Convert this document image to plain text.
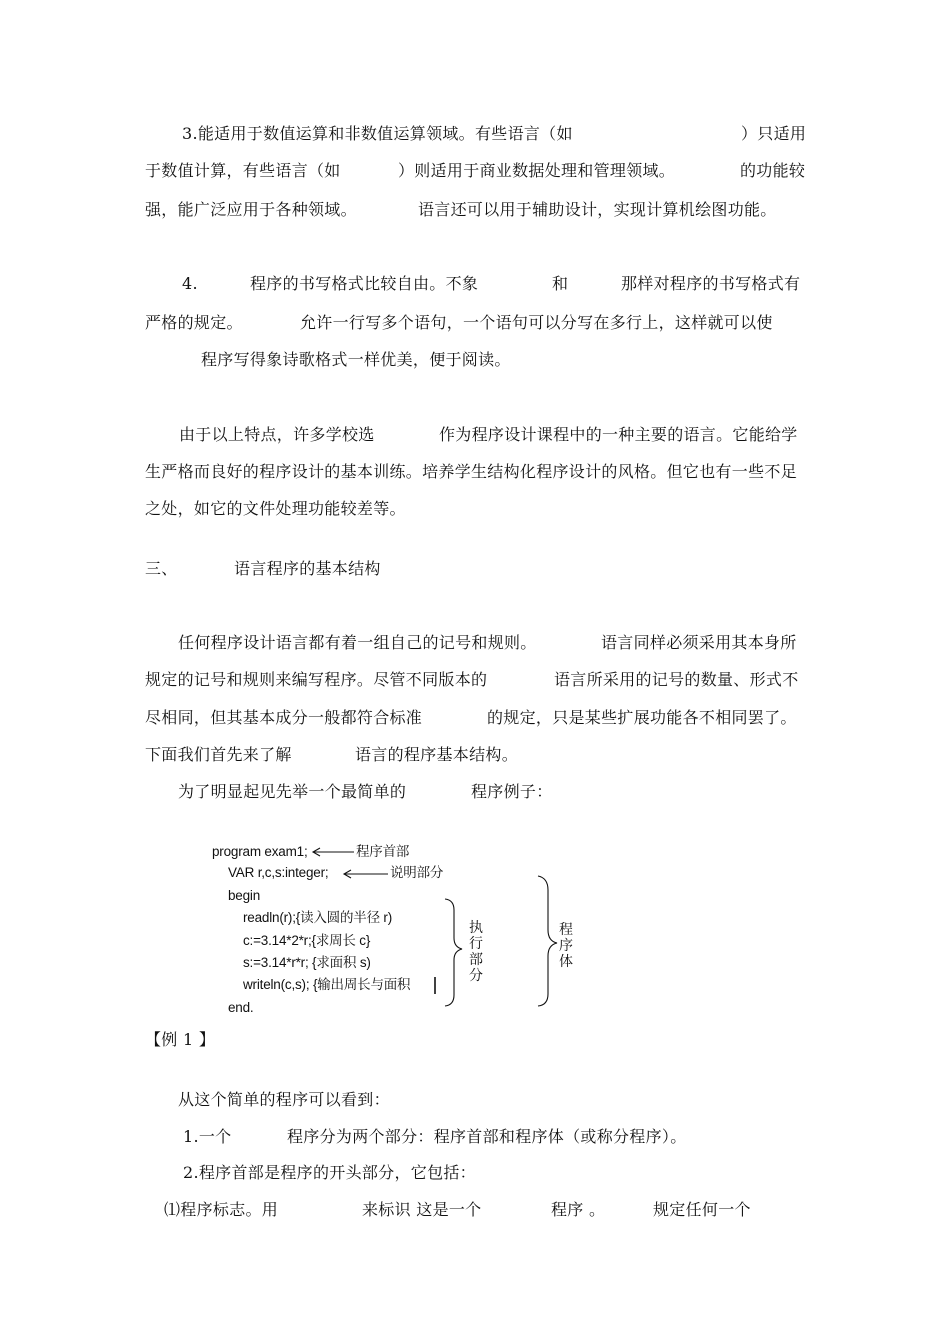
3.能适用于数值运算和非数值运算领域。有些语言（如	）只适用
于数值计算，有些语言（如	）则适用于商业数据处理和管理领域。	的功能较
强，能广泛应用于各种领域。	语言还可以用于辅助设计，实现计算机绘图功能。
4.	程序的书写格式比较自由。不象	和	那样对程序的书写格式有
严格的规定。	允许一行写多个语句，一个语句可以分写在多行上，这样就可以使
程序写得象诗歌格式一样优美，便于阅读。
由于以上特点，许多学校选	作为程序设计课程中的一种主要的语言。它能给学
生严格而良好的程序设计的基本训练。培养学生结构化程序设计的风格。但它也有一些不足
之处，如它的文件处理功能较差等。
三、	语言程序的基本结构
任何程序设计语言都有着一组自己的记号和规则。	语言同样必须采用其本身所
规定的记号和规则来编写程序。尽管不同版本的	语言所采用的记号的数量、形式不
尽相同，但其基本成分一般都符合标准	的规定，只是某些扩展功能各不相同罢了。
下面我们首先来了解	语言的程序基本结构。
为了明显起见先举一个最简单的	程序例子：
program exam1;	程序首部
VAR r,c,s:integer;	说明部分
begin
readln(r);{读入圆的半径 r)
c:=3.14*2*r;{求周长 c}
s:=3.14*r*r; {求面积 s)
writeln(c,s); {输出周长与面积
end.
执行部分
程序体
【例 1 】
从这个简单的程序可以看到：
1.一个	程序分为两个部分：程序首部和程序体（或称分程序）。
2.程序首部是程序的开头部分，它包括：
⑴程序标志。用	来标识 这是一个	程序 。	规定任何一个
